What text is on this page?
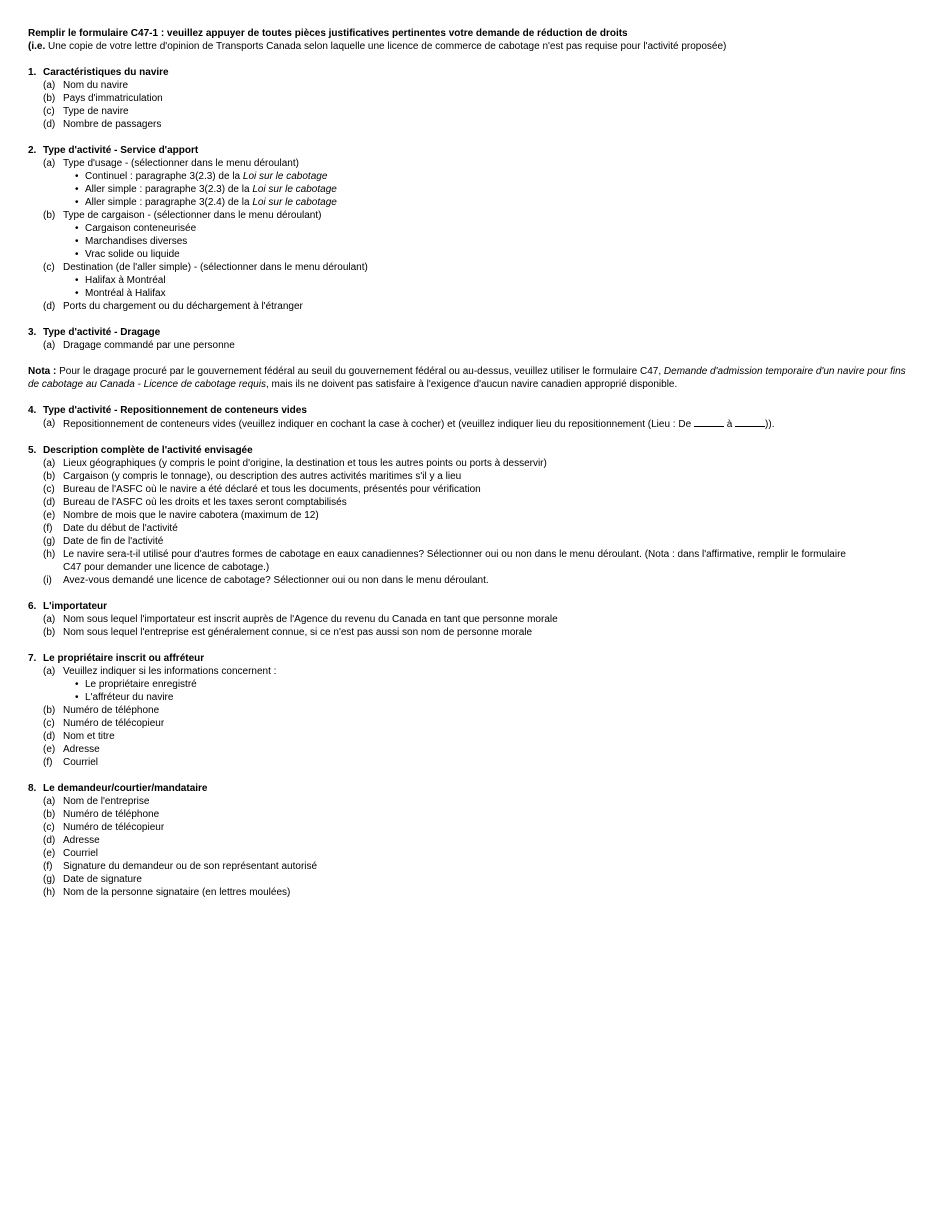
Remplir le formulaire C47-1 : veuillez appuyer de toutes pièces justificatives pertinentes votre demande de réduction de droits
(i.e. Une copie de votre lettre d'opinion de Transports Canada selon laquelle une licence de commerce de cabotage n'est pas requise pour l'activité proposée)
1. Caractéristiques du navire
(a) Nom du navire
(b) Pays d'immatriculation
(c) Type de navire
(d) Nombre de passagers
2. Type d'activité - Service d'apport
(a) Type d'usage - (sélectionner dans le menu déroulant)
• Continuel : paragraphe 3(2.3) de la Loi sur le cabotage
• Aller simple : paragraphe 3(2.3) de la Loi sur le cabotage
• Aller simple : paragraphe 3(2.4) de la Loi sur le cabotage
(b) Type de cargaison - (sélectionner dans le menu déroulant)
• Cargaison conteneurisée
• Marchandises diverses
• Vrac solide ou liquide
(c) Destination (de l'aller simple) - (sélectionner dans le menu déroulant)
• Halifax à Montréal
• Montréal à Halifax
(d) Ports du chargement ou du déchargement à l'étranger
3. Type d'activité - Dragage
(a) Dragage commandé par une personne
Nota : Pour le dragage procuré par le gouvernement fédéral au seuil du gouvernement fédéral ou au-dessus, veuillez utiliser le formulaire C47, Demande d'admission temporaire d'un navire pour fins de cabotage au Canada - Licence de cabotage requis, mais ils ne doivent pas satisfaire à l'exigence d'aucun navire canadien approprié disponible.
4. Type d'activité - Repositionnement de conteneurs vides
(a) Repositionnement de conteneurs vides (veuillez indiquer en cochant la case à cocher) et (veuillez indiquer lieu du repositionnement (Lieu : De	à	)).
5. Description complète de l'activité envisagée
(a) Lieux géographiques (y compris le point d'origine, la destination et tous les autres points ou ports à desservir)
(b) Cargaison (y compris le tonnage), ou description des autres activités maritimes s'il y a lieu
(c) Bureau de l'ASFC où le navire a été déclaré et tous les documents, présentés pour vérification
(d) Bureau de l'ASFC où les droits et les taxes seront comptabilisés
(e) Nombre de mois que le navire cabotera (maximum de 12)
(f)	Date du début de l'activité
(g) Date de fin de l'activité
(h) Le navire sera-t-il utilisé pour d'autres formes de cabotage en eaux canadiennes? Sélectionner oui ou non dans le menu déroulant. (Nota : dans l'affirmative, remplir le formulaire
C47 pour demander une licence de cabotage.)
(i)	Avez-vous demandé une licence de cabotage? Sélectionner oui ou non dans le menu déroulant.
6. L'importateur
(a) Nom sous lequel l'importateur est inscrit auprès de l'Agence du revenu du Canada en tant que personne morale
(b) Nom sous lequel l'entreprise est généralement connue, si ce n'est pas aussi son nom de personne morale
7. Le propriétaire inscrit ou affréteur
(a) Veuillez indiquer si les informations concernent :
• Le propriétaire enregistré
• L'affréteur du navire
(b) Numéro de téléphone
(c) Numéro de télécopieur
(d) Nom et titre
(e) Adresse
(f)	Courriel
8. Le demandeur/courtier/mandataire
(a) Nom de l'entreprise
(b) Numéro de téléphone
(c) Numéro de télécopieur
(d) Adresse
(e) Courriel
(f)	Signature du demandeur ou de son représentant autorisé
(g) Date de signature
(h) Nom de la personne signataire (en lettres moulées)
